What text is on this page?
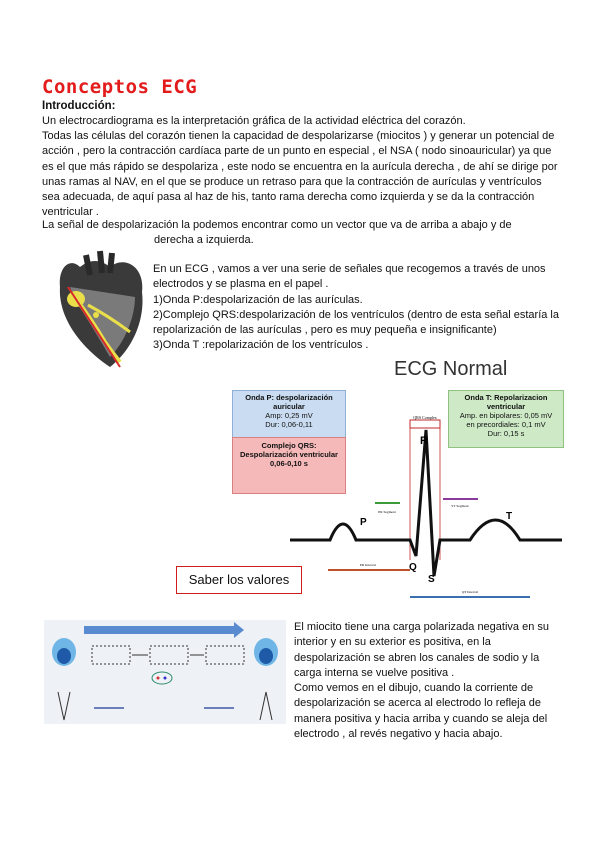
Conceptos ECG
Introducción:

Un electrocardiograma es la interpretación gráfica de la actividad eléctrica del corazón.

Todas las células del corazón tienen la capacidad de despolarizarse (miocitos ) y generar un potencial de acción , pero la contracción cardíaca parte de un punto en especial , el NSA ( nodo sinoauricular) ya que es el que más rápido se despolariza , este nodo se encuentra en la aurícula derecha , de ahí se dirige por unas ramas al NAV, en el que se produce un retraso para que la contracción de aurículas y ventrículos sea adecuada, de aquí pasa al haz de his, tanto rama derecha como izquierda y se da la contracción ventricular .

La señal de despolarización la podemos encontrar como un vector que va de arriba a abajo y de

derecha a izquierda.

En un ECG , vamos a ver una serie de señales que recogemos a través de unos electrodos y se plasma en el papel .
1)Onda P:despolarización de las aurículas.
2)Complejo QRS:despolarización de los ventrículos (dentro de esta señal estaría la repolarización de las aurículas , pero es muy pequeña e insignificante)
3)Onda T :repolarización de los ventrículos .
ECG Normal
Onda P: despolarización auricular
Amp: 0,25 mV
Dur: 0,06-0,11
Complejo QRS: Despolarización ventricular
0,06-0,10 s
Onda T: Repolarizacion ventricular
Amp. en bipolares: 0,05 mV
en precordiales: 0,1 mV
Dur: 0,15 s
QRS Complex
PR Segment
ST Segment
P
R
Q
S
T
PR Interval
QT Interval
Saber los valores
El miocito tiene una carga polarizada negativa en su interior y en su exterior es positiva, en la despolarización se abren los canales de sodio y la carga interna se vuelve positiva .
Como vemos en el dibujo, cuando la corriente de despolarización se acerca al electrodo lo refleja de manera positiva y hacia arriba y cuando se aleja del electrodo , al revés negativo y hacia abajo.
